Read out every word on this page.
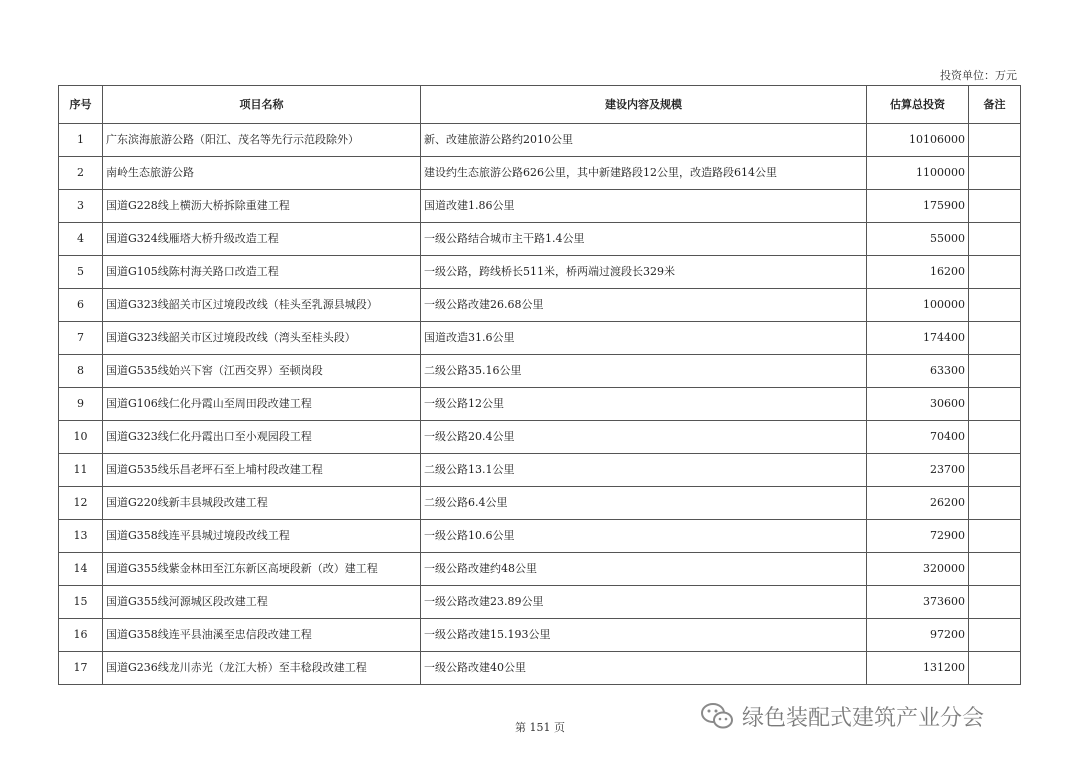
投资单位：万元
序号	项目名称	建设内容及规模	估算总投资	备注
1	广东滨海旅游公路（阳江、茂名等先行示范段除外）	新、改建旅游公路约2010公里	10106000	
2	南岭生态旅游公路	建设约生态旅游公路626公里，其中新建路段12公里，改造路段614公里	1100000	
3	国道G228线上横沥大桥拆除重建工程	国道改建1.86公里	175900	
4	国道G324线雁塔大桥升级改造工程	一级公路结合城市主干路1.4公里	55000	
5	国道G105线陈村海关路口改造工程	一级公路，跨线桥长511米，桥两端过渡段长329米	16200	
6	国道G323线韶关市区过境段改线（桂头至乳源县城段）	一级公路改建26.68公里	100000	
7	国道G323线韶关市区过境段改线（湾头至桂头段）	国道改造31.6公里	174400	
8	国道G535线始兴下窖（江西交界）至顿岗段	二级公路35.16公里	63300	
9	国道G106线仁化丹霞山至周田段改建工程	一级公路12公里	30600	
10	国道G323线仁化丹霞出口至小观园段工程	一级公路20.4公里	70400	
11	国道G535线乐昌老坪石至上埔村段改建工程	二级公路13.1公里	23700	
12	国道G220线新丰县城段改建工程	二级公路6.4公里	26200	
13	国道G358线连平县城过境段改线工程	一级公路10.6公里	72900	
14	国道G355线紫金林田至江东新区高埂段新（改）建工程	一级公路改建约48公里	320000	
15	国道G355线河源城区段改建工程	一级公路改建23.89公里	373600	
16	国道G358线连平县油溪至忠信段改建工程	一级公路改建15.193公里	97200	
17	国道G236线龙川赤光（龙江大桥）至丰稔段改建工程	一级公路改建40公里	131200	
第 151 页	绿色装配式建筑产业分会
